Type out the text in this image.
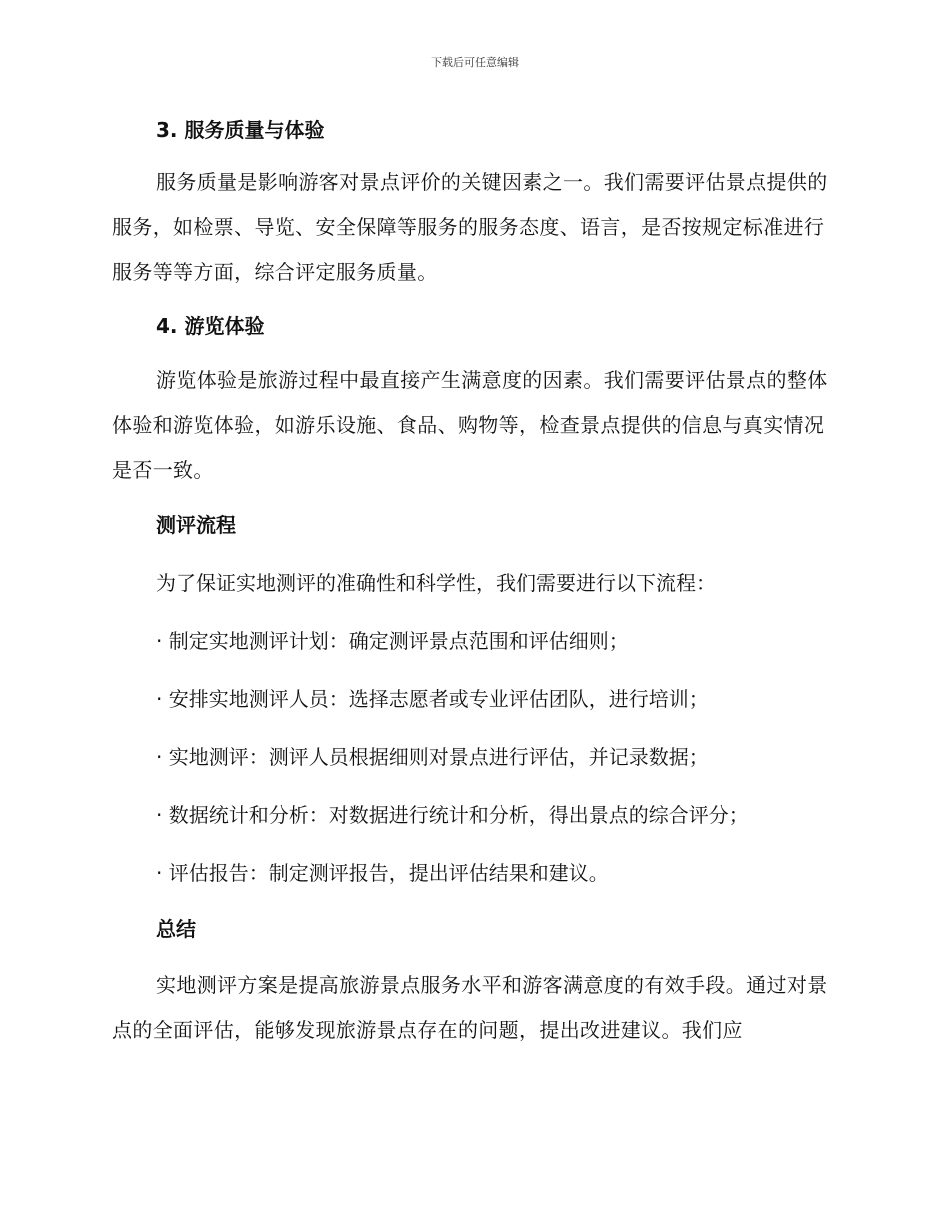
下载后可任意编辑
3. 服务质量与体验

服务质量是影响游客对景点评价的关键因素之一。我们需要评估景点提供的服务，如检票、导览、安全保障等服务的服务态度、语言，是否按规定标准进行服务等等方面，综合评定服务质量。

4. 游览体验

游览体验是旅游过程中最直接产生满意度的因素。我们需要评估景点的整体体验和游览体验，如游乐设施、食品、购物等，检查景点提供的信息与真实情况是否一致。

测评流程

为了保证实地测评的准确性和科学性，我们需要进行以下流程：

· 制定实地测评计划：确定测评景点范围和评估细则；

· 安排实地测评人员：选择志愿者或专业评估团队，进行培训；

· 实地测评：测评人员根据细则对景点进行评估，并记录数据；

· 数据统计和分析：对数据进行统计和分析，得出景点的综合评分；

· 评估报告：制定测评报告，提出评估结果和建议。

总结

实地测评方案是提高旅游景点服务水平和游客满意度的有效手段。通过对景点的全面评估，能够发现旅游景点存在的问题，提出改进建议。我们应
